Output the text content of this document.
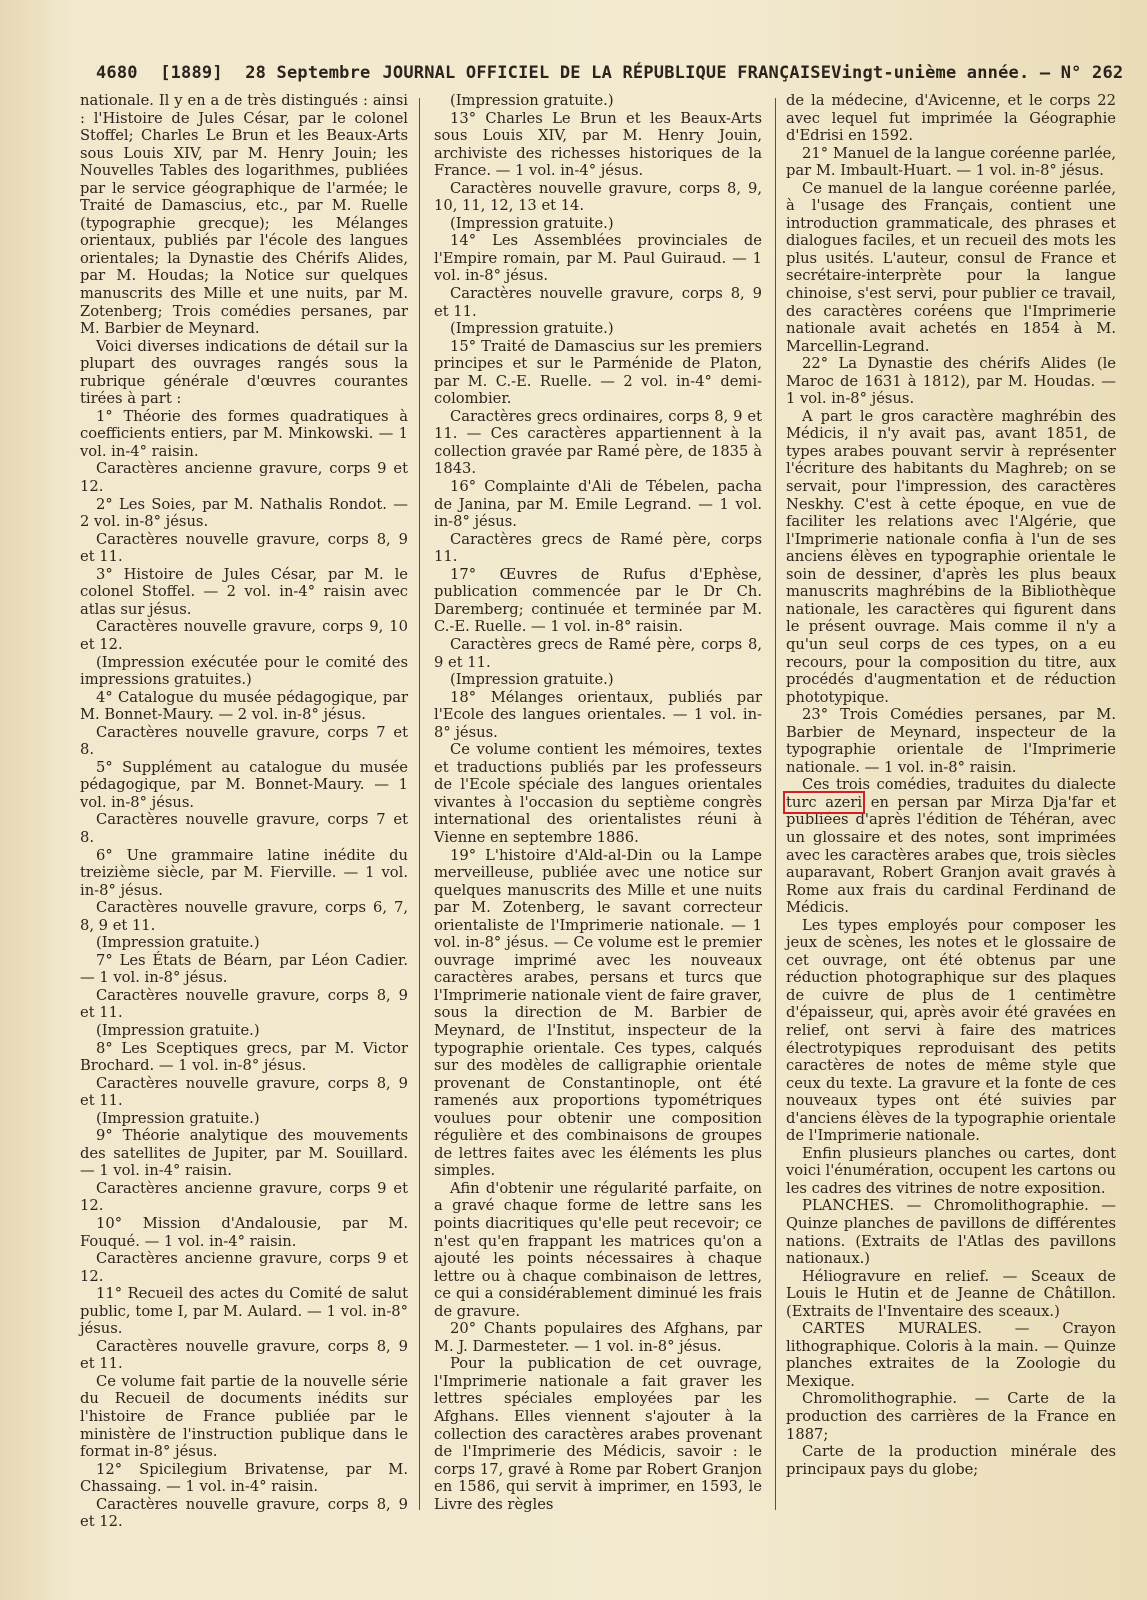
4680 [1889] 28 Septembre JOURNAL OFFICIEL DE LA RÉPUBLIQUE FRANÇAISE Vingt-unième année. — N° 262

nationale. Il y en a de très distingués : ainsi : l'Histoire de Jules César, par le colonel Stoffel; Charles Le Brun et les Beaux-Arts sous Louis XIV, par M. Henry Jouin; les Nouvelles Tables des logarithmes, publiées par le service géographique de l'armée; le Traité de Damascius, etc., par M. Ruelle (typographie grecque); les Mélanges orientaux, publiés par l'école des langues orientales; la Dynastie des Chérifs Alides, par M. Houdas; la Notice sur quelques manuscrits des Mille et une nuits, par M. Zotenberg; Trois comédies persanes, par M. Barbier de Meynard.

Voici diverses indications de détail sur la plupart des ouvrages rangés sous la rubrique générale d'œuvres courantes tirées à part :

1° Théorie des formes quadratiques à coefficients entiers, par M. Minkowski. — 1 vol. in-4° raisin.

Caractères ancienne gravure, corps 9 et 12.

2° Les Soies, par M. Nathalis Rondot. — 2 vol. in-8° jésus.

Caractères nouvelle gravure, corps 8, 9 et 11.

3° Histoire de Jules César, par M. le colonel Stoffel. — 2 vol. in-4° raisin avec atlas sur jésus.

Caractères nouvelle gravure, corps 9, 10 et 12.

(Impression exécutée pour le comité des impressions gratuites.)

4° Catalogue du musée pédagogique, par M. Bonnet-Maury. — 2 vol. in-8° jésus.

Caractères nouvelle gravure, corps 7 et 8.

5° Supplément au catalogue du musée pédagogique, par M. Bonnet-Maury. — 1 vol. in-8° jésus.

Caractères nouvelle gravure, corps 7 et 8.

6° Une grammaire latine inédite du treizième siècle, par M. Fierville. — 1 vol. in-8° jésus.

Caractères nouvelle gravure, corps 6, 7, 8, 9 et 11.

(Impression gratuite.)

7° Les États de Béarn, par Léon Cadier. — 1 vol. in-8° jésus.

Caractères nouvelle gravure, corps 8, 9 et 11.

(Impression gratuite.)

8° Les Sceptiques grecs, par M. Victor Brochard. — 1 vol. in-8° jésus.

Caractères nouvelle gravure, corps 8, 9 et 11.

(Impression gratuite.)

9° Théorie analytique des mouvements des satellites de Jupiter, par M. Souillard. — 1 vol. in-4° raisin.

Caractères ancienne gravure, corps 9 et 12.

10° Mission d'Andalousie, par M. Fouqué. — 1 vol. in-4° raisin.

Caractères ancienne gravure, corps 9 et 12.

11° Recueil des actes du Comité de salut public, tome I, par M. Aulard. — 1 vol. in-8° jésus.

Caractères nouvelle gravure, corps 8, 9 et 11.

Ce volume fait partie de la nouvelle série du Recueil de documents inédits sur l'histoire de France publiée par le ministère de l'instruction publique dans le format in-8° jésus.

12° Spicilegium Brivatense, par M. Chassaing. — 1 vol. in-4° raisin.

Caractères nouvelle gravure, corps 8, 9 et 12.

(Impression gratuite.)

13° Charles Le Brun et les Beaux-Arts sous Louis XIV, par M. Henry Jouin, archiviste des richesses historiques de la France. — 1 vol. in-4° jésus.

Caractères nouvelle gravure, corps 8, 9, 10, 11, 12, 13 et 14.

(Impression gratuite.)

14° Les Assemblées provinciales de l'Empire romain, par M. Paul Guiraud. — 1 vol. in-8° jésus.

Caractères nouvelle gravure, corps 8, 9 et 11.

(Impression gratuite.)

15° Traité de Damascius sur les premiers principes et sur le Parménide de Platon, par M. C.-E. Ruelle. — 2 vol. in-4° demi-colombier.

Caractères grecs ordinaires, corps 8, 9 et 11. — Ces caractères appartiennent à la collection gravée par Ramé père, de 1835 à 1843.

16° Complainte d'Ali de Tébelen, pacha de Janina, par M. Emile Legrand. — 1 vol. in-8° jésus.

Caractères grecs de Ramé père, corps 11.

17° Œuvres de Rufus d'Ephèse, publication commencée par le Dr Ch. Daremberg; continuée et terminée par M. C.-E. Ruelle. — 1 vol. in-8° raisin.

Caractères grecs de Ramé père, corps 8, 9 et 11.

(Impression gratuite.)

18° Mélanges orientaux, publiés par l'Ecole des langues orientales. — 1 vol. in-8° jésus.

Ce volume contient les mémoires, textes et traductions publiés par les professeurs de l'Ecole spéciale des langues orientales vivantes à l'occasion du septième congrès international des orientalistes réuni à Vienne en septembre 1886.

19° L'histoire d'Ald-al-Din ou la Lampe merveilleuse, publiée avec une notice sur quelques manuscrits des Mille et une nuits par M. Zotenberg, le savant correcteur orientaliste de l'Imprimerie nationale. — 1 vol. in-8° jésus. — Ce volume est le premier ouvrage imprimé avec les nouveaux caractères arabes, persans et turcs que l'Imprimerie nationale vient de faire graver, sous la direction de M. Barbier de Meynard, de l'Institut, inspecteur de la typographie orientale. Ces types, calqués sur des modèles de calligraphie orientale provenant de Constantinople, ont été ramenés aux proportions typométriques voulues pour obtenir une composition régulière et des combinaisons de groupes de lettres faites avec les éléments les plus simples.

Afin d'obtenir une régularité parfaite, on a gravé chaque forme de lettre sans les points diacritiques qu'elle peut recevoir; ce n'est qu'en frappant les matrices qu'on a ajouté les points nécessaires à chaque lettre ou à chaque combinaison de lettres, ce qui a considérablement diminué les frais de gravure.

20° Chants populaires des Afghans, par M. J. Darmesteter. — 1 vol. in-8° jésus.

Pour la publication de cet ouvrage, l'Imprimerie nationale a fait graver les lettres spéciales employées par les Afghans. Elles viennent s'ajouter à la collection des caractères arabes provenant de l'Imprimerie des Médicis, savoir : le corps 17, gravé à Rome par Robert Granjon en 1586, qui servit à imprimer, en 1593, le Livre des règles

de la médecine, d'Avicenne, et le corps 22 avec lequel fut imprimée la Géographie d'Edrisi en 1592.

21° Manuel de la langue coréenne parlée, par M. Imbault-Huart. — 1 vol. in-8° jésus.

Ce manuel de la langue coréenne parlée, à l'usage des Français, contient une introduction grammaticale, des phrases et dialogues faciles, et un recueil des mots les plus usités. L'auteur, consul de France et secrétaire-interprète pour la langue chinoise, s'est servi, pour publier ce travail, des caractères coréens que l'Imprimerie nationale avait achetés en 1854 à M. Marcellin-Legrand.

22° La Dynastie des chérifs Alides (le Maroc de 1631 à 1812), par M. Houdas. — 1 vol. in-8° jésus.

A part le gros caractère maghrébin des Médicis, il n'y avait pas, avant 1851, de types arabes pouvant servir à représenter l'écriture des habitants du Maghreb; on se servait, pour l'impression, des caractères Neskhy. C'est à cette époque, en vue de faciliter les relations avec l'Algérie, que l'Imprimerie nationale confia à l'un de ses anciens élèves en typographie orientale le soin de dessiner, d'après les plus beaux manuscrits maghrébins de la Bibliothèque nationale, les caractères qui figurent dans le présent ouvrage. Mais comme il n'y a qu'un seul corps de ces types, on a eu recours, pour la composition du titre, aux procédés d'augmentation et de réduction phototypique.

23° Trois Comédies persanes, par M. Barbier de Meynard, inspecteur de la typographie orientale de l'Imprimerie nationale. — 1 vol. in-8° raisin.

Ces trois comédies, traduites du dialecte turc azeri en persan par Mirza Dja'far et publiées d'après l'édition de Téhéran, avec un glossaire et des notes, sont imprimées avec les caractères arabes que, trois siècles auparavant, Robert Granjon avait gravés à Rome aux frais du cardinal Ferdinand de Médicis.

Les types employés pour composer les jeux de scènes, les notes et le glossaire de cet ouvrage, ont été obtenus par une réduction photographique sur des plaques de cuivre de plus de 1 centimètre d'épaisseur, qui, après avoir été gravées en relief, ont servi à faire des matrices électrotypiques reproduisant des petits caractères de notes de même style que ceux du texte. La gravure et la fonte de ces nouveaux types ont été suivies par d'anciens élèves de la typographie orientale de l'Imprimerie nationale.

Enfin plusieurs planches ou cartes, dont voici l'énumération, occupent les cartons ou les cadres des vitrines de notre exposition.

PLANCHES. — Chromolithographie. — Quinze planches de pavillons de différentes nations. (Extraits de l'Atlas des pavillons nationaux.)

Héliogravure en relief. — Sceaux de Louis le Hutin et de Jeanne de Châtillon. (Extraits de l'Inventaire des sceaux.)

CARTES MURALES. — Crayon lithographique. Coloris à la main. — Quinze planches extraites de la Zoologie du Mexique.

Chromolithographie. — Carte de la production des carrières de la France en 1887;

Carte de la production minérale des principaux pays du globe;
